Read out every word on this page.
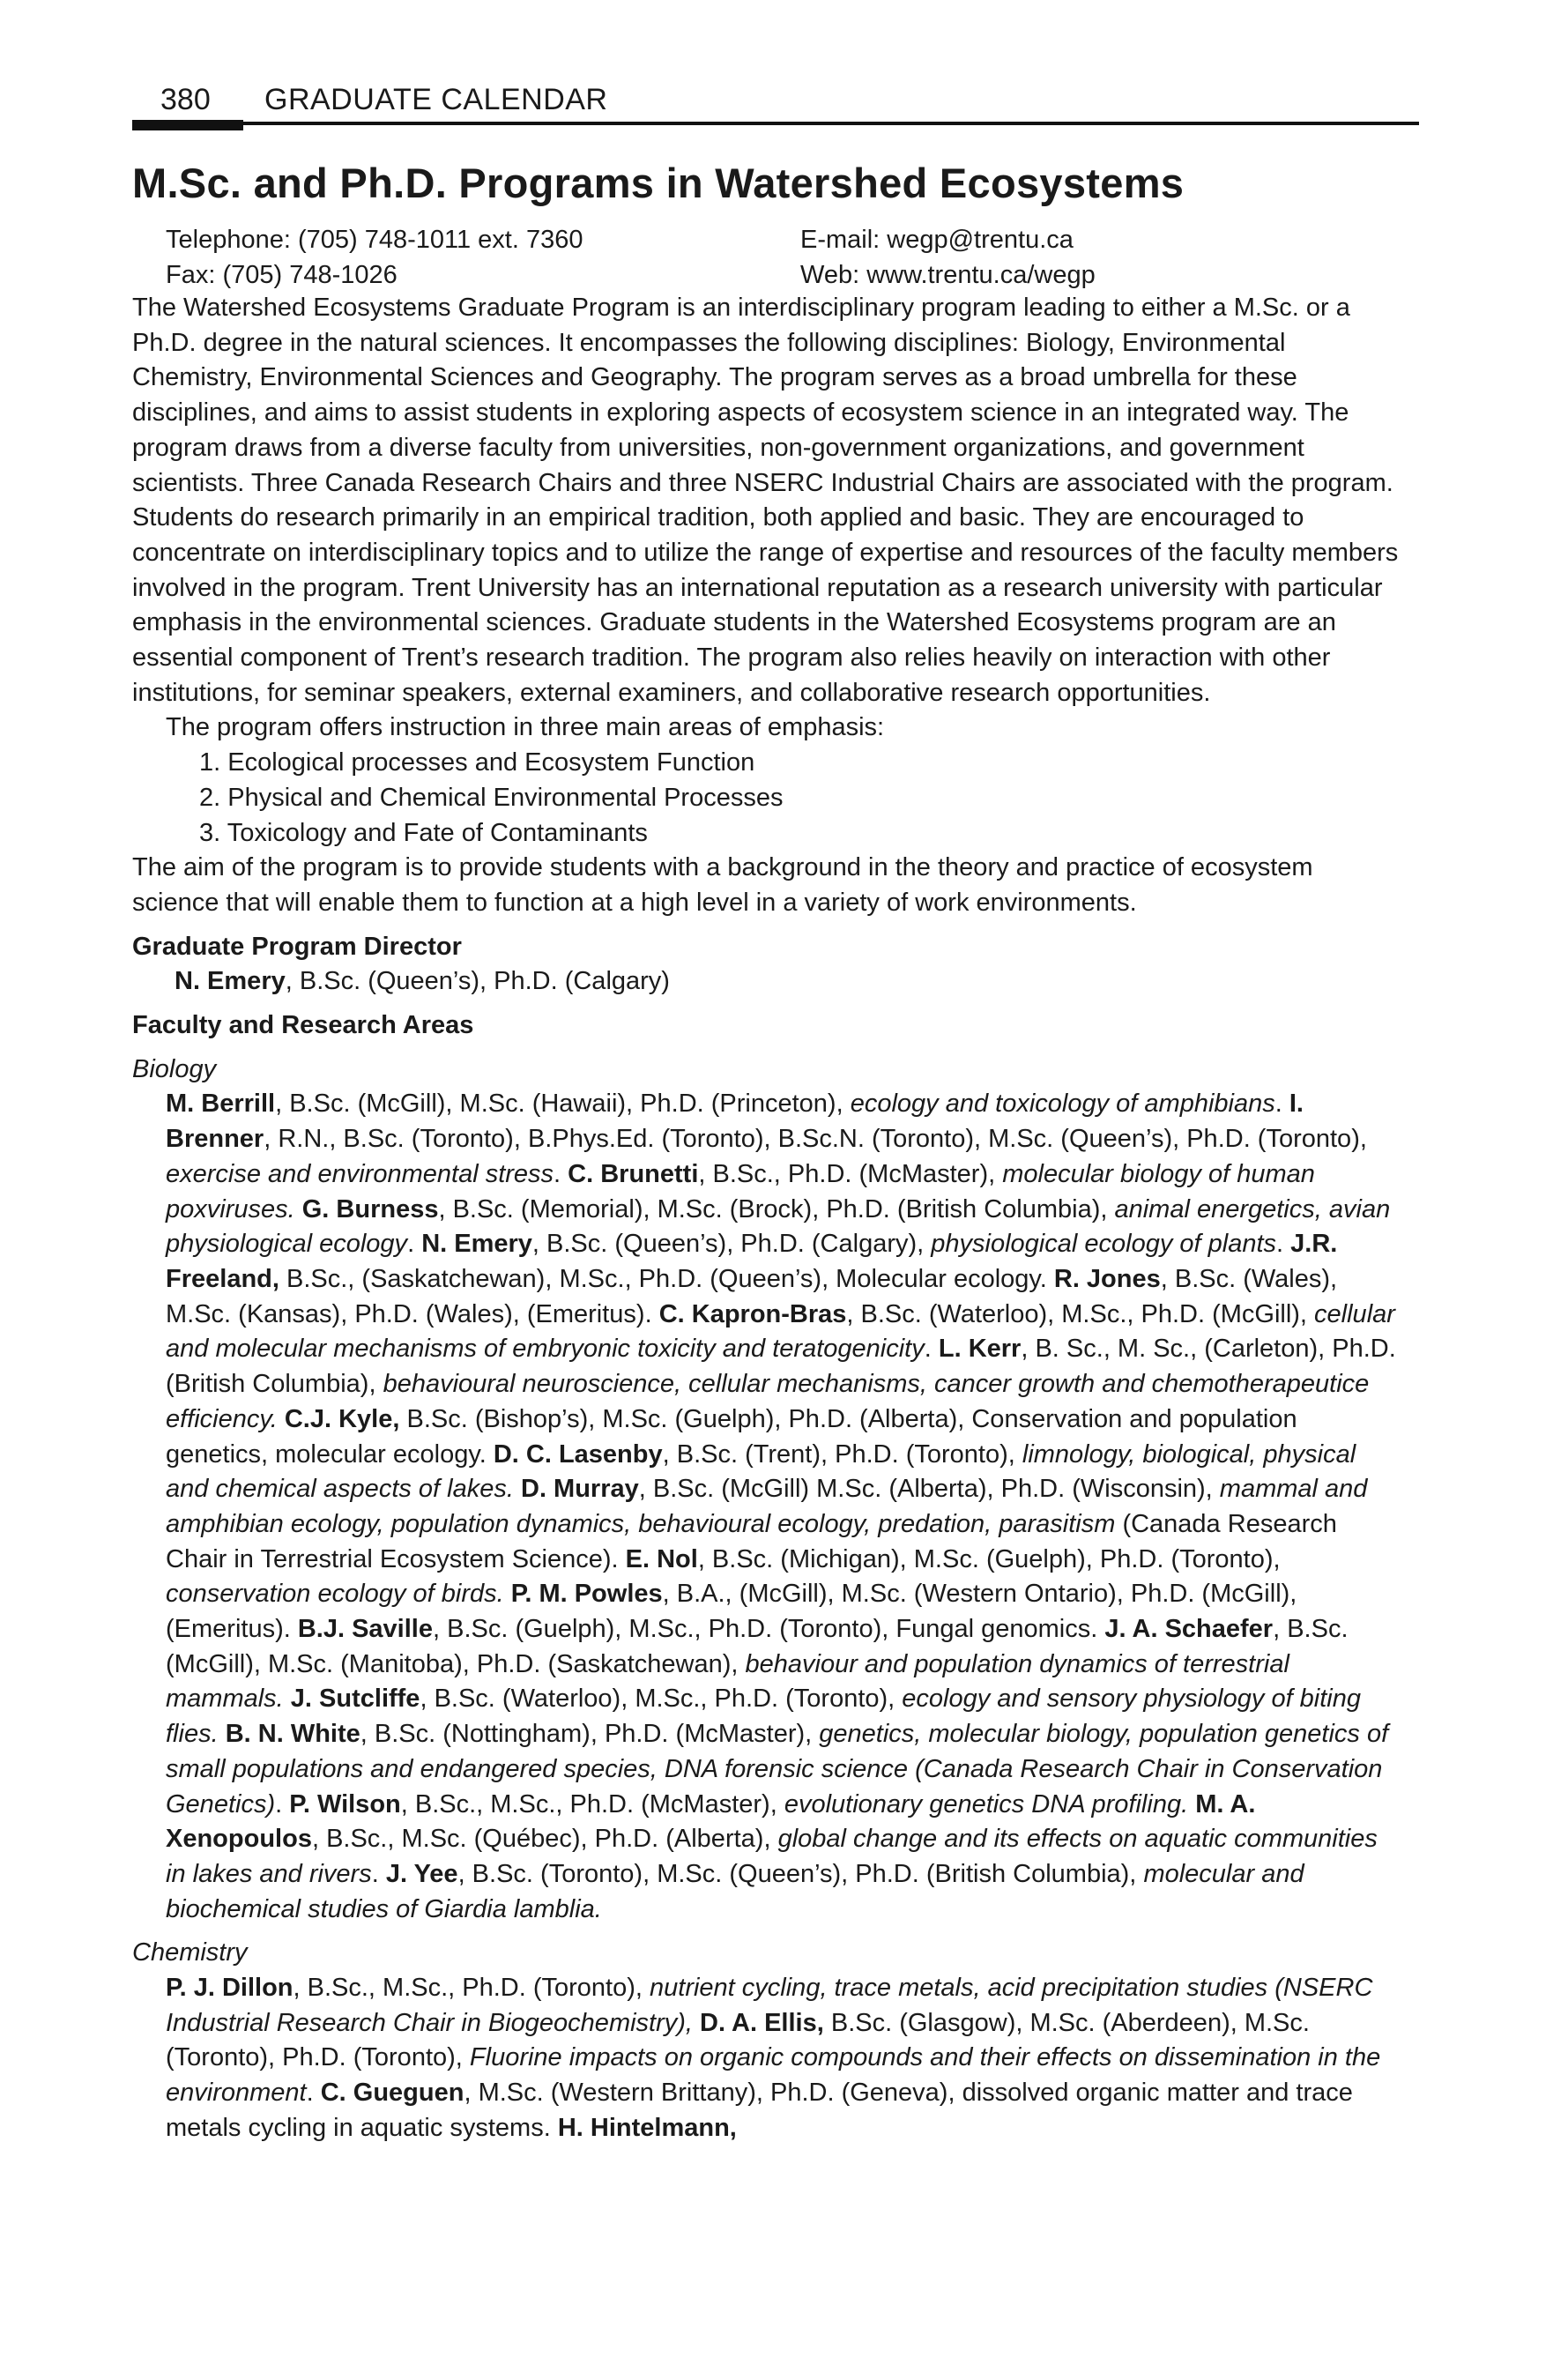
380 GRADUATE CALENDAR
M.Sc. and Ph.D. Programs in Watershed Ecosystems
Telephone: (705) 748-1011 ext. 7360	E-mail: wegp@trentu.ca
Fax: (705) 748-1026	Web: www.trentu.ca/wegp

The Watershed Ecosystems Graduate Program is an interdisciplinary program leading to either a M.Sc. or a Ph.D. degree in the natural sciences. It encompasses the following disciplines: Biology, Environmental Chemistry, Environmental Sciences and Geography. The program serves as a broad umbrella for these disciplines, and aims to assist students in exploring aspects of ecosystem science in an integrated way. The program draws from a diverse faculty from universities, non-government organizations, and government scientists. Three Canada Research Chairs and three NSERC Industrial Chairs are associated with the program. Students do research primarily in an empirical tradition, both applied and basic. They are encouraged to concentrate on interdisciplinary topics and to utilize the range of expertise and resources of the faculty members involved in the program. Trent University has an international reputation as a research university with particular emphasis in the environmental sciences. Graduate students in the Watershed Ecosystems program are an essential component of Trent’s research tradition. The program also relies heavily on interaction with other institutions, for seminar speakers, external examiners, and collaborative research opportunities.

The program offers instruction in three main areas of emphasis:

1. Ecological processes and Ecosystem Function
2. Physical and Chemical Environmental Processes
3. Toxicology and Fate of Contaminants

The aim of the program is to provide students with a background in the theory and practice of ecosystem science that will enable them to function at a high level in a variety of work environments.

Graduate Program Director

N. Emery, B.Sc. (Queen’s), Ph.D. (Calgary)

Faculty and Research Areas

Biology

M. Berrill, B.Sc. (McGill), M.Sc. (Hawaii), Ph.D. (Princeton), ecology and toxicology of amphibians. I. Brenner, R.N., B.Sc. (Toronto), B.Phys.Ed. (Toronto), B.Sc.N. (Toronto), M.Sc. (Queen’s), Ph.D. (Toronto), exercise and environmental stress. C. Brunetti, B.Sc., Ph.D. (McMaster), molecular biology of human poxviruses. G. Burness, B.Sc. (Memorial), M.Sc. (Brock), Ph.D. (British Columbia), animal energetics, avian physiological ecology. N. Emery, B.Sc. (Queen’s), Ph.D. (Calgary), physiological ecology of plants. J.R. Freeland, B.Sc., (Saskatchewan), M.Sc., Ph.D. (Queen’s), Molecular ecology. R. Jones, B.Sc. (Wales), M.Sc. (Kansas), Ph.D. (Wales), (Emeritus). C. Kapron-Bras, B.Sc. (Waterloo), M.Sc., Ph.D. (McGill), cellular and molecular mechanisms of embryonic toxicity and teratogenicity. L. Kerr, B. Sc., M. Sc., (Carleton), Ph.D. (British Columbia), behavioural neuroscience, cellular mechanisms, cancer growth and chemotherapeutice efficiency. C.J. Kyle, B.Sc. (Bishop’s), M.Sc. (Guelph), Ph.D. (Alberta), Conservation and population genetics, molecular ecology. D. C. Lasenby, B.Sc. (Trent), Ph.D. (Toronto), limnology, biological, physical and chemical aspects of lakes. D. Murray, B.Sc. (McGill) M.Sc. (Alberta), Ph.D. (Wisconsin), mammal and amphibian ecology, population dynamics, behavioural ecology, predation, parasitism (Canada Research Chair in Terrestrial Ecosystem Science). E. Nol, B.Sc. (Michigan), M.Sc. (Guelph), Ph.D. (Toronto), conservation ecology of birds. P. M. Powles, B.A., (McGill), M.Sc. (Western Ontario), Ph.D. (McGill), (Emeritus). B.J. Saville, B.Sc. (Guelph), M.Sc., Ph.D. (Toronto), Fungal genomics. J. A. Schaefer, B.Sc. (McGill), M.Sc. (Manitoba), Ph.D. (Saskatchewan), behaviour and population dynamics of terrestrial mammals. J. Sutcliffe, B.Sc. (Waterloo), M.Sc., Ph.D. (Toronto), ecology and sensory physiology of biting flies. B. N. White, B.Sc. (Nottingham), Ph.D. (McMaster), genetics, molecular biology, population genetics of small populations and endangered species, DNA forensic science (Canada Research Chair in Conservation Genetics). P. Wilson, B.Sc., M.Sc., Ph.D. (McMaster), evolutionary genetics DNA profiling. M. A. Xenopoulos, B.Sc., M.Sc. (Québec), Ph.D. (Alberta), global change and its effects on aquatic communities in lakes and rivers. J. Yee, B.Sc. (Toronto), M.Sc. (Queen’s), Ph.D. (British Columbia), molecular and biochemical studies of Giardia lamblia.

Chemistry

P. J. Dillon, B.Sc., M.Sc., Ph.D. (Toronto), nutrient cycling, trace metals, acid precipitation studies (NSERC Industrial Research Chair in Biogeochemistry), D. A. Ellis, B.Sc. (Glasgow), M.Sc. (Aberdeen), M.Sc. (Toronto), Ph.D. (Toronto), Fluorine impacts on organic compounds and their effects on dissemination in the environment. C. Gueguen, M.Sc. (Western Brittany), Ph.D. (Geneva), dissolved organic matter and trace metals cycling in aquatic systems. H. Hintelmann,
